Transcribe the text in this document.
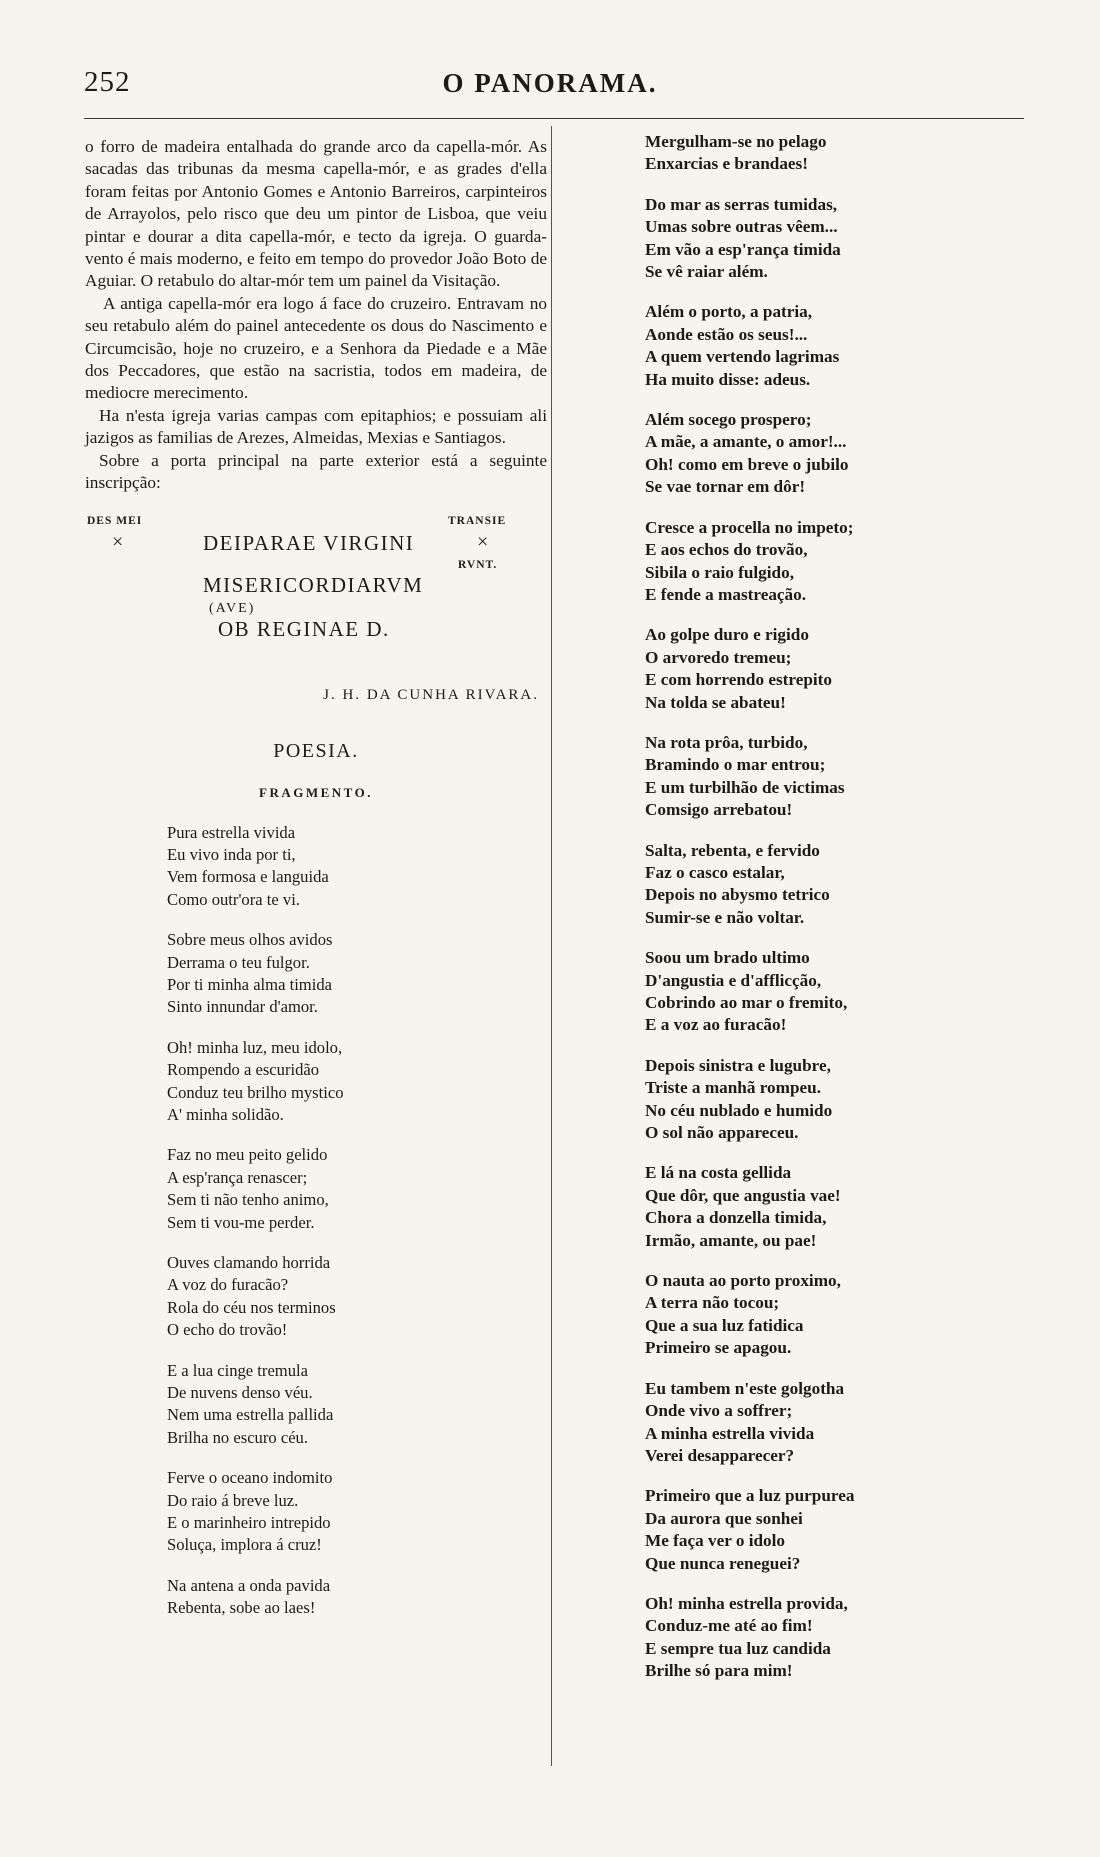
252	O PANORAMA.

o forro de madeira entalhada do grande arco da capella-mór. As sacadas das tribunas da mesma capella-mór, e as grades d'ella foram feitas por Antonio Gomes e Antonio Barreiros, carpinteiros de Arrayolos, pelo risco que deu um pintor de Lisboa, que veiu pintar e dourar a dita capella-mór, e tecto da igreja. O guarda-vento é mais moderno, e feito em tempo do provedor João Boto de Aguiar. O retabulo do altar-mór tem um painel da Visitação.

A antiga capella-mór era logo á face do cruzeiro. Entravam no seu retabulo além do painel antecedente os dous do Nascimento e Circumcisão, hoje no cruzeiro, e a Senhora da Piedade e a Mãe dos Peccadores, que estão na sacristia, todos em madeira, de mediocre merecimento.

Ha n'esta igreja varias campas com epitaphios; e possuiam ali jazigos as familias de Arezes, Almeidas, Mexias e Santiagos.

Sobre a porta principal na parte exterior está a seguinte inscripção:

DES MEI	TRANSIE
×	DEIPARAE VIRGINI	×
RVNT.
MISERICORDIARVM
(AVE)
OB REGINAE D.
J. H. DA CUNHA RIVARA.
POESIA.
FRAGMENTO.
Pura estrella vivida
Eu vivo inda por ti,
Vem formosa e languida
Como outr'ora te vi.
Sobre meus olhos avidos
Derrama o teu fulgor.
Por ti minha alma timida
Sinto innundar d'amor.
Oh! minha luz, meu idolo,
Rompendo a escuridão
Conduz teu brilho mystico
A' minha solidão.
Faz no meu peito gelido
A esp'rança renascer;
Sem ti não tenho animo,
Sem ti vou-me perder.
Ouves clamando horrida
A voz do furacão?
Rola do céu nos terminos
O echo do trovão!
E a lua cinge tremula
De nuvens denso véu.
Nem uma estrella pallida
Brilha no escuro céu.
Ferve o oceano indomito
Do raio á breve luz.
E o marinheiro intrepido
Soluça, implora á cruz!
Na antena a onda pavida
Rebenta, sobe ao laes!
Mergulham-se no pelago
Enxarcias e brandaes!
Do mar as serras tumidas,
Umas sobre outras vêem...
Em vão a esp'rança timida
Se vê raiar além.
Além o porto, a patria,
Aonde estão os seus!...
A quem vertendo lagrimas
Ha muito disse: adeus.
Além socego prospero;
A mãe, a amante, o amor!...
Oh! como em breve o jubilo
Se vae tornar em dôr!
Cresce a procella no impeto;
E aos echos do trovão,
Sibila o raio fulgido,
E fende a mastreação.
Ao golpe duro e rigido
O arvoredo tremeu;
E com horrendo estrepito
Na tolda se abateu!
Na rota prôa, turbido,
Bramindo o mar entrou;
E um turbilhão de victimas
Comsigo arrebatou!
Salta, rebenta, e fervido
Faz o casco estalar,
Depois no abysmo tetrico
Sumir-se e não voltar.
Soou um brado ultimo
D'angustia e d'afflicção,
Cobrindo ao mar o fremito,
E a voz ao furacão!
Depois sinistra e lugubre,
Triste a manhã rompeu.
No céu nublado e humido
O sol não appareceu.
E lá na costa gellida
Que dôr, que angustia vae!
Chora a donzella timida,
Irmão, amante, ou pae!
O nauta ao porto proximo,
A terra não tocou;
Que a sua luz fatidica
Primeiro se apagou.
Eu tambem n'este golgotha
Onde vivo a soffrer;
A minha estrella vivida
Verei desapparecer?
Primeiro que a luz purpurea
Da aurora que sonhei
Me faça ver o idolo
Que nunca reneguei?
Oh! minha estrella provida,
Conduz-me até ao fim!
E sempre tua luz candida
Brilhe só para mim!
